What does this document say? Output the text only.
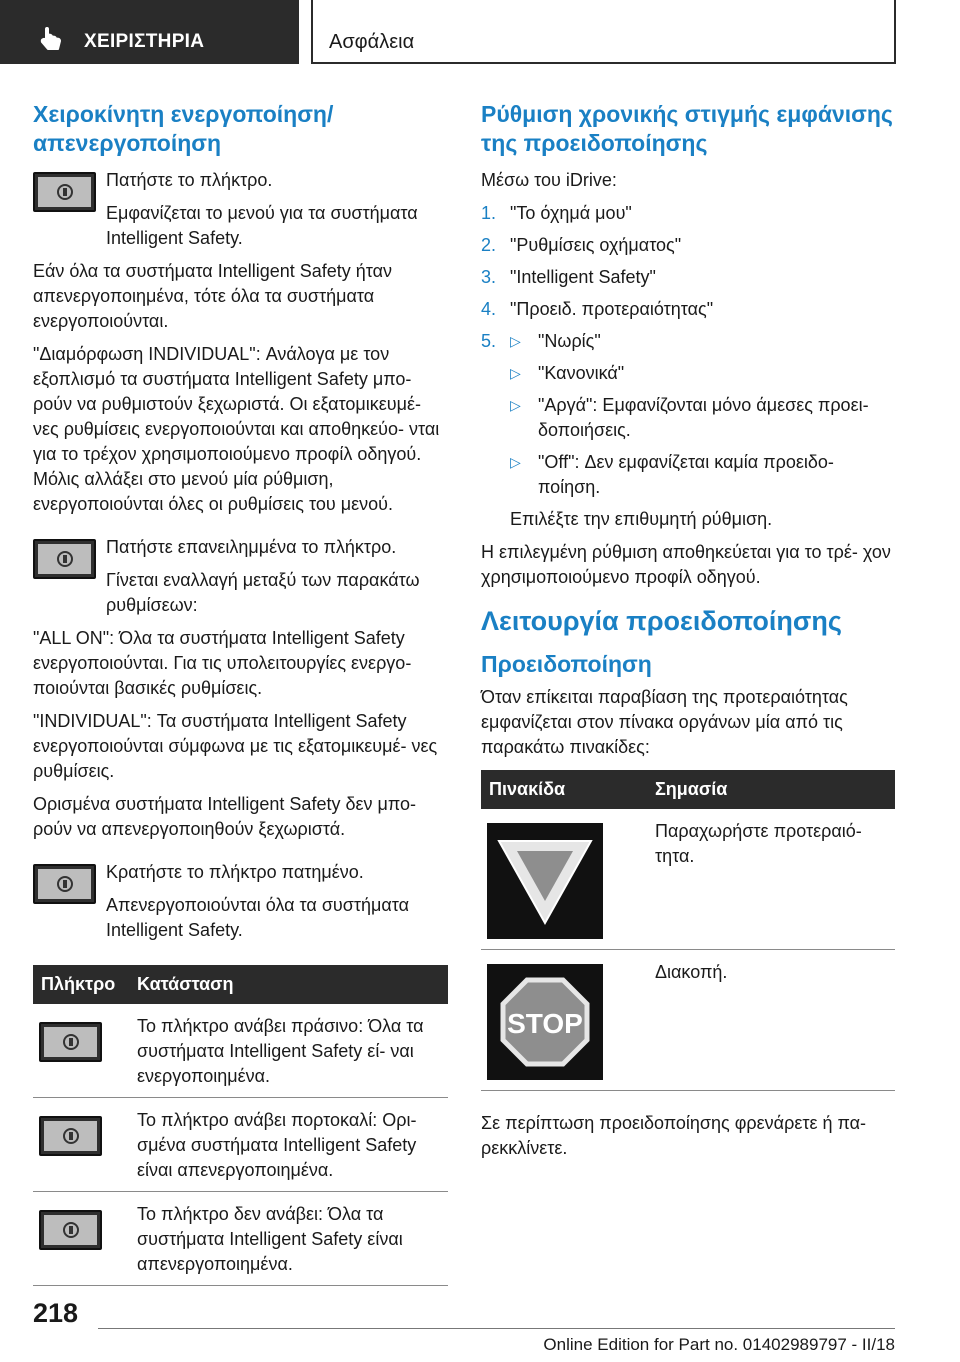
ΧΕΙΡΙΣΤΗΡΙΑ	Ασφάλεια
Χειροκίνητη ενεργοποίηση/ απενεργοποίηση

Πατήστε το πλήκτρο.

Εμφανίζεται το μενού για τα συστήματα Intelligent Safety.

Εάν όλα τα συστήματα Intelligent Safety ήταν απενεργοποιημένα, τότε όλα τα συστήματα ενεργοποιούνται.

"Διαμόρφωση INDIVIDUAL": Ανάλογα με τον εξοπλισμό τα συστήματα Intelligent Safety μπο- ρούν να ρυθμιστούν ξεχωριστά. Οι εξατομικευμέ- νες ρυθμίσεις ενεργοποιούνται και αποθηκεύο- νται για το τρέχον χρησιμοποιούμενο προφίλ οδηγού. Μόλις αλλάξει στο μενού μία ρύθμιση, ενεργοποιούνται όλες οι ρυθμίσεις του μενού.

Πατήστε επανειλημμένα το πλήκτρο.

Γίνεται εναλλαγή μεταξύ των παρακάτω ρυθμίσεων:

"ALL ON": Όλα τα συστήματα Intelligent Safety ενεργοποιούνται. Για τις υπολειτουργίες ενεργο- ποιούνται βασικές ρυθμίσεις.

"INDIVIDUAL": Τα συστήματα Intelligent Safety ενεργοποιούνται σύμφωνα με τις εξατομικευμέ- νες ρυθμίσεις.

Ορισμένα συστήματα Intelligent Safety δεν μπο- ρούν να απενεργοποιηθούν ξεχωριστά.

Κρατήστε το πλήκτρο πατημένο.

Απενεργοποιούνται όλα τα συστήματα Intelligent Safety.

Πλήκτρο	Κατάσταση

	Το πλήκτρο ανάβει πράσινο: Όλα τα συστήματα Intelligent Safety εί- ναι ενεργοποιημένα.

	Το πλήκτρο ανάβει πορτοκαλί: Ορι- σμένα συστήματα Intelligent Safety είναι απενεργοποιημένα.

	Το πλήκτρο δεν ανάβει: Όλα τα συστήματα Intelligent Safety είναι απενεργοποιημένα.
Ρύθμιση χρονικής στιγμής εμφάνισης της προειδοποίησης

Μέσω του iDrive:

1. "Το όχημά μου"
2. "Ρυθμίσεις οχήματος"
3. "Intelligent Safety"
4. "Προειδ. προτεραιότητας"
5. ▷ "Νωρίς"
▷ "Κανονικά"
▷ "Αργά": Εμφανίζονται μόνο άμεσες προει- δοποιήσεις.
▷ "Off": Δεν εμφανίζεται καμία προειδο- ποίηση.

Επιλέξτε την επιθυμητή ρύθμιση.

Η επιλεγμένη ρύθμιση αποθηκεύεται για το τρέ- χον χρησιμοποιούμενο προφίλ οδηγού.

Λειτουργία προειδοποίησης
Προειδοποίηση

Όταν επίκειται παραβίαση της προτεραιότητας εμφανίζεται στον πίνακα οργάνων μία από τις παρακάτω πινακίδες:

Πινακίδα	Σημασία

	Παραχωρήστε προτεραιό- τητα.

STOP	Διακοπή.

Σε περίπτωση προειδοποίησης φρενάρετε ή πα- ρεκκλίνετε.

218
Online Edition for Part no. 01402989797 - II/18
